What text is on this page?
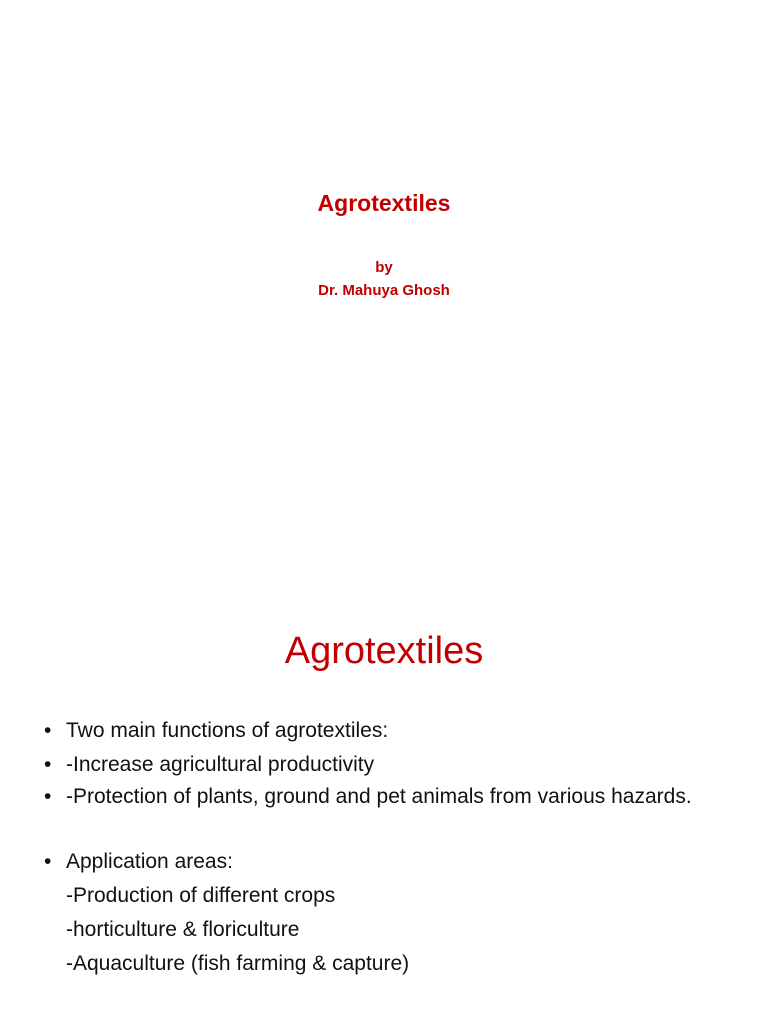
Agrotextiles
by
Dr. Mahuya Ghosh
Agrotextiles
• Two main functions of agrotextiles:
• -Increase agricultural productivity
• -Protection of plants, ground and pet animals from various hazards.
• Application areas:
-Production of different crops
-horticulture & floriculture
-Aquaculture (fish farming & capture)
